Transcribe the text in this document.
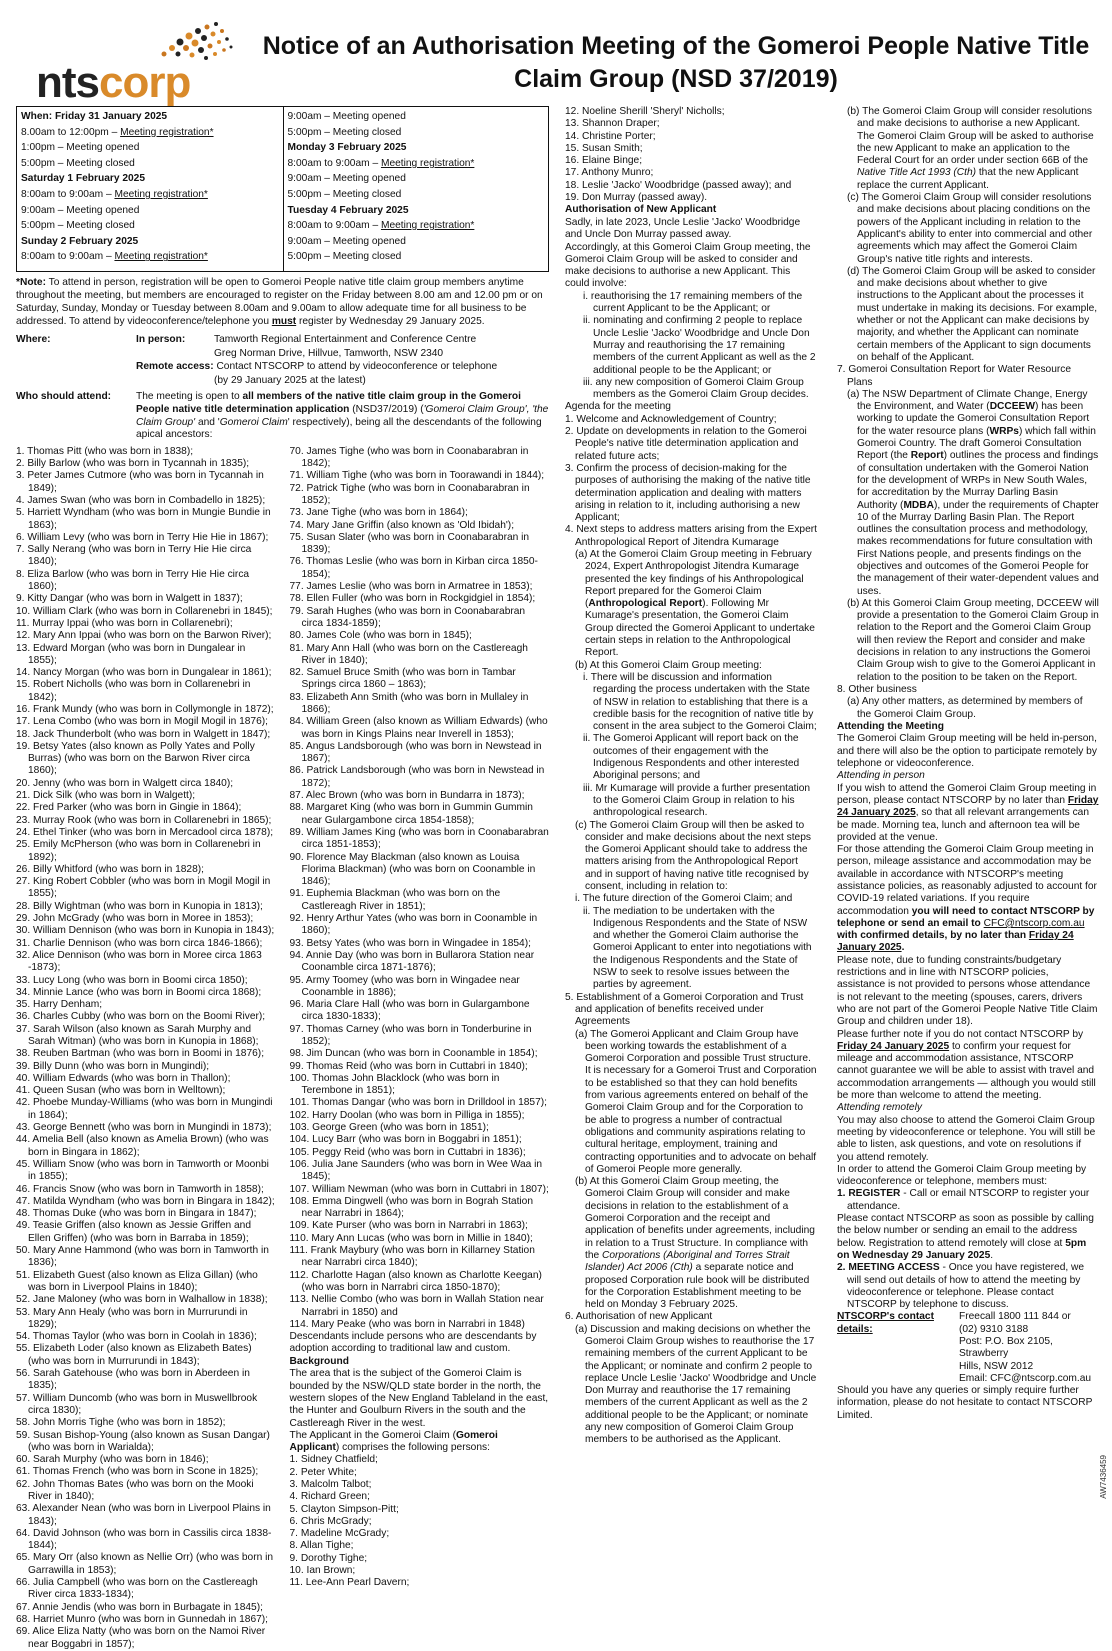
ntscorp
Notice of an Authorisation Meeting of the Gomeroi People Native Title Claim Group (NSD 37/2019)
When: Friday 31 January 2025
8.00am to 12:00pm – Meeting registration*
1:00pm – Meeting opened
5:00pm – Meeting closed
Saturday 1 February 2025
8:00am to 9:00am – Meeting registration*
9:00am – Meeting opened
5:00pm – Meeting closed
Sunday 2 February 2025
8:00am to 9:00am – Meeting registration*
9:00am – Meeting opened
5:00pm – Meeting closed
Monday 3 February 2025
8:00am to 9:00am – Meeting registration*
9:00am – Meeting opened
5:00pm – Meeting closed
Tuesday 4 February 2025
8:00am to 9:00am – Meeting registration*
9:00am – Meeting opened
5:00pm – Meeting closed
*Note: To attend in person, registration will be open to Gomeroi People native title claim group members anytime throughout the meeting, but members are encouraged to register on the Friday between 8.00 am and 12.00 pm or on Saturday, Sunday, Monday or Tuesday between 8.00am and 9.00am to allow adequate time for all business to be addressed. To attend by videoconference/telephone you must register by Wednesday 29 January 2025.
Where:	In person:	Tamworth Regional Entertainment and Conference Centre
Greg Norman Drive, Hillvue, Tamworth, NSW 2340
Remote access: Contact NTSCORP to attend by videoconference or telephone
(by 29 January 2025 at the latest)
Who should attend:	The meeting is open to all members of the native title claim group in the Gomeroi People native title determination application (NSD37/2019) ('Gomeroi Claim Group', 'the Claim Group' and 'Gomeroi Claim' respectively), being all the descendants of the following apical ancestors:
1. Thomas Pitt (who was born in 1838);
2. Billy Barlow (who was born in Tycannah in 1835);
3. Peter James Cutmore (who was born in Tycannah in 1849);
4. James Swan (who was born in Combadello in 1825);
5. Harriett Wyndham (who was born in Mungie Bundie in 1863);
6. William Levy (who was born in Terry Hie Hie in 1867);
7. Sally Nerang (who was born in Terry Hie Hie circa 1840);
8. Eliza Barlow (who was born in Terry Hie Hie circa 1860);
9. Kitty Dangar (who was born in Walgett in 1837);
10. William Clark (who was born in Collarenebri in 1845);
11. Murray Ippai (who was born in Collarenebri);
12. Mary Ann Ippai (who was born on the Barwon River);
13. Edward Morgan (who was born in Dungalear in 1855);
14. Nancy Morgan (who was born in Dungalear in 1861);
15. Robert Nicholls (who was born in Collarenebri in 1842);
16. Frank Mundy (who was born in Collymongle in 1872);
17. Lena Combo (who was born in Mogil Mogil in 1876);
18. Jack Thunderbolt (who was born in Walgett in 1847);
19. Betsy Yates (also known as Polly Yates and Polly Burras) (who was born on the Barwon River circa 1860);
20. Jenny (who was born in Walgett circa 1840);
21. Dick Silk (who was born in Walgett);
22. Fred Parker (who was born in Gingie in 1864);
23. Murray Rook (who was born in Collarenebri in 1865);
24. Ethel Tinker (who was born in Mercadool circa 1878);
25. Emily McPherson (who was born in Collarenebri in 1892);
26. Billy Whitford (who was born in 1828);
27. King Robert Cobbler (who was born in Mogil Mogil in 1855);
28. Billy Wightman (who was born in Kunopia in 1813);
29. John McGrady (who was born in Moree in 1853);
30. William Dennison (who was born in Kunopia in 1843);
31. Charlie Dennison (who was born circa 1846-1866);
32. Alice Dennison (who was born in Moree circa 1863 -1873);
33. Lucy Long (who was born in Boomi circa 1850);
34. Minnie Lance (who was born in Boomi circa 1868);
35. Harry Denham;
36. Charles Cubby (who was born on the Boomi River);
37. Sarah Wilson (also known as Sarah Murphy and Sarah Witman) (who was born in Kunopia in 1868);
38. Reuben Bartman (who was born in Boomi in 1876);
39. Billy Dunn (who was born in Mungindi);
40. William Edwards (who was born in Thallon);
41. Queen Susan (who was born in Welltown);
42. Phoebe Munday-Williams (who was born in Mungindi in 1864);
43. George Bennett (who was born in Mungindi in 1873);
44. Amelia Bell (also known as Amelia Brown) (who was born in Bingara in 1862);
45. William Snow (who was born in Tamworth or Moonbi in 1855);
46. Francis Snow (who was born in Tamworth in 1858);
47. Matilda Wyndham (who was born in Bingara in 1842);
48. Thomas Duke (who was born in Bingara in 1847);
49. Teasie Griffen (also known as Jessie Griffen and Ellen Griffen) (who was born in Barraba in 1859);
50. Mary Anne Hammond (who was born in Tamworth in 1836);
51. Elizabeth Guest (also known as Eliza Gillan) (who was born in Liverpool Plains in 1840);
52. Jane Maloney (who was born in Walhallow in 1838);
53. Mary Ann Healy (who was born in Murrurundi in 1829);
54. Thomas Taylor (who was born in Coolah in 1836);
55. Elizabeth Loder (also known as Elizabeth Bates) (who was born in Murrurundi in 1843);
56. Sarah Gatehouse (who was born in Aberdeen in 1835);
57. William Duncomb (who was born in Muswellbrook circa 1830);
58. John Morris Tighe (who was born in 1852);
59. Susan Bishop-Young (also known as Susan Dangar) (who was born in Warialda);
60. Sarah Murphy (who was born in 1846);
61. Thomas French (who was born in Scone in 1825);
62. John Thomas Bates (who was born on the Mooki River in 1840);
63. Alexander Nean (who was born in Liverpool Plains in 1843);
64. David Johnson (who was born in Cassilis circa 1838-1844);
65. Mary Orr (also known as Nellie Orr) (who was born in Garrawilla in 1853);
66. Julia Campbell (who was born on the Castlereagh River circa 1833-1834);
67. Annie Jendis (who was born in Burbagate in 1845);
68. Harriet Munro (who was born in Gunnedah in 1867);
69. Alice Eliza Natty (who was born on the Namoi River near Boggabri in 1857);
70. James Tighe (who was born in Coonabarabran in 1842);
71. William Tighe (who was born in Toorawandi in 1844);
72. Patrick Tighe (who was born in Coonabarabran in 1852);
73. Jane Tighe (who was born in 1864);
74. Mary Jane Griffin (also known as 'Old Ibidah');
75. Susan Slater (who was born in Coonabarabran in 1839);
76. Thomas Leslie (who was born in Kirban circa 1850-1854);
77. James Leslie (who was born in Armatree in 1853);
78. Ellen Fuller (who was born in Rockgidgiel in 1854);
79. Sarah Hughes (who was born in Coonabarabran circa 1834-1859);
80. James Cole (who was born in 1845);
81. Mary Ann Hall (who was born on the Castlereagh River in 1840);
82. Samuel Bruce Smith (who was born in Tambar Springs circa 1860 – 1863);
83. Elizabeth Ann Smith (who was born in Mullaley in 1866);
84. William Green (also known as William Edwards) (who was born in Kings Plains near Inverell in 1853);
85. Angus Landsborough (who was born in Newstead in 1867);
86. Patrick Landsborough (who was born in Newstead in 1872);
87. Alec Brown (who was born in Bundarra in 1873);
88. Margaret King (who was born in Gummin Gummin near Gulargambone circa 1854-1858);
89. William James King (who was born in Coonabarabran circa 1851-1853);
90. Florence May Blackman (also known as Louisa Florima Blackman) (who was born on Coonamble in 1846);
91. Euphemia Blackman (who was born on the Castlereagh River in 1851);
92. Henry Arthur Yates (who was born in Coonamble in 1860);
93. Betsy Yates (who was born in Wingadee in 1854);
94. Annie Day (who was born in Bullarora Station near Coonamble circa 1871-1876);
95. Army Toomey (who was born in Wingadee near Coonamble in 1886);
96. Maria Clare Hall (who was born in Gulargambone circa 1830-1833);
97. Thomas Carney (who was born in Tonderburine in 1852);
98. Jim Duncan (who was born in Coonamble in 1854);
99. Thomas Reid (who was born in Cuttabri in 1840);
100. Thomas John Blacklock (who was born in Terembone in 1851);
101. Thomas Dangar (who was born in Drilldool in 1857);
102. Harry Doolan (who was born in Pilliga in 1855);
103. George Green (who was born in 1851);
104. Lucy Barr (who was born in Boggabri in 1851);
105. Peggy Reid (who was born in Cuttabri in 1836);
106. Julia Jane Saunders (who was born in Wee Waa in 1845);
107. William Newman (who was born in Cuttabri in 1807);
108. Emma Dingwell (who was born in Bograh Station near Narrabri in 1864);
109. Kate Purser (who was born in Narrabri in 1863);
110. Mary Ann Lucas (who was born in Millie in 1840);
111. Frank Maybury (who was born in Killarney Station near Narrabri circa 1840);
112. Charlotte Hagan (also known as Charlotte Keegan) (who was born in Narrabri circa 1850-1870);
113. Nellie Combo (who was born in Wallah Station near Narrabri in 1850) and
114. Mary Peake (who was born in Narrabri in 1848)
Descendants include persons who are descendants by adoption according to traditional law and custom.
Background
The area that is the subject of the Gomeroi Claim is bounded by the NSW/QLD state border in the north, the western slopes of the New England Tableland in the east, the Hunter and Goulburn Rivers in the south and the Castlereagh River in the west.
The Applicant in the Gomeroi Claim (Gomeroi Applicant) comprises the following persons:
1. Sidney Chatfield;
2. Peter White;
3. Malcolm Talbot;
4. Richard Green;
5. Clayton Simpson-Pitt;
6. Chris McGrady;
7. Madeline McGrady;
8. Allan Tighe;
9. Dorothy Tighe;
10. Ian Brown;
11. Lee-Ann Pearl Davern;
12. Noeline Sherill 'Sheryl' Nicholls;
13. Shannon Draper;
14. Christine Porter;
15. Susan Smith;
16. Elaine Binge;
17. Anthony Munro;
18. Leslie 'Jacko' Woodbridge (passed away); and
19. Don Murray (passed away).
Authorisation of New Applicant
Sadly, in late 2023, Uncle Leslie 'Jacko' Woodbridge and Uncle Don Murray passed away.
Accordingly, at this Gomeroi Claim Group meeting, the Gomeroi Claim Group will be asked to consider and make decisions to authorise a new Applicant. This could involve:
i. reauthorising the 17 remaining members of the current Applicant to be the Applicant; or
ii. nominating and confirming 2 people to replace Uncle Leslie 'Jacko' Woodbridge and Uncle Don Murray and reauthorising the 17 remaining members of the current Applicant as well as the 2 additional people to be the Applicant; or
iii. any new composition of Gomeroi Claim Group members as the Gomeroi Claim Group decides.
Agenda for the meeting
1. Welcome and Acknowledgement of Country;
2. Update on developments in relation to the Gomeroi People's native title determination application and related future acts;
3. Confirm the process of decision-making for the purposes of authorising the making of the native title determination application and dealing with matters arising in relation to it, including authorising a new Applicant;
4. Next steps to address matters arising from the Expert Anthropological Report of Jitendra Kumarage
(a) At the Gomeroi Claim Group meeting in February 2024, Expert Anthropologist Jitendra Kumarage presented the key findings of his Anthropological Report prepared for the Gomeroi Claim (Anthropological Report). Following Mr Kumarage's presentation, the Gomeroi Claim Group directed the Gomeroi Applicant to undertake certain steps in relation to the Anthropological Report.
(b) At this Gomeroi Claim Group meeting:
i. There will be discussion and information regarding the process undertaken with the State of NSW in relation to establishing that there is a credible basis for the recognition of native title by consent in the area subject to the Gomeroi Claim;
ii. The Gomeroi Applicant will report back on the outcomes of their engagement with the Indigenous Respondents and other interested Aboriginal persons; and
iii. Mr Kumarage will provide a further presentation to the Gomeroi Claim Group in relation to his anthropological research.
(c) The Gomeroi Claim Group will then be asked to consider and make decisions about the next steps the Gomeroi Applicant should take to address the matters arising from the Anthropological Report and in support of having native title recognised by consent, including in relation to:
i. The future direction of the Gomeroi Claim; and
ii. The mediation to be undertaken with the Indigenous Respondents and the State of NSW and whether the Gomeroi Claim authorise the Gomeroi Applicant to enter into negotiations with the Indigenous Respondents and the State of NSW to seek to resolve issues between the parties by agreement.
5. Establishment of a Gomeroi Corporation and Trust and application of benefits received under Agreements
(a) The Gomeroi Applicant and Claim Group have been working towards the establishment of a Gomeroi Corporation and possible Trust structure. It is necessary for a Gomeroi Trust and Corporation to be established so that they can hold benefits from various agreements entered on behalf of the Gomeroi Claim Group and for the Corporation to be able to progress a number of contractual obligations and community aspirations relating to cultural heritage, employment, training and contracting opportunities and to advocate on behalf of Gomeroi People more generally.
(b) At this Gomeroi Claim Group meeting, the Gomeroi Claim Group will consider and make decisions in relation to the establishment of a Gomeroi Corporation and the receipt and application of benefits under agreements, including in relation to a Trust Structure. In compliance with the Corporations (Aboriginal and Torres Strait Islander) Act 2006 (Cth) a separate notice and proposed Corporation rule book will be distributed for the Corporation Establishment meeting to be held on Monday 3 February 2025.
6. Authorisation of new Applicant
(a) Discussion and making decisions on whether the Gomeroi Claim Group wishes to reauthorise the 17 remaining members of the current Applicant to be the Applicant; or nominate and confirm 2 people to replace Uncle Leslie 'Jacko' Woodbridge and Uncle Don Murray and reauthorise the 17 remaining members of the current Applicant as well as the 2 additional people to be the Applicant; or nominate any new composition of Gomeroi Claim Group members to be authorised as the Applicant.
(b) The Gomeroi Claim Group will consider resolutions and make decisions to authorise a new Applicant. The Gomeroi Claim Group will be asked to authorise the new Applicant to make an application to the Federal Court for an order under section 66B of the Native Title Act 1993 (Cth) that the new Applicant replace the current Applicant.
(c) The Gomeroi Claim Group will consider resolutions and make decisions about placing conditions on the powers of the Applicant including in relation to the Applicant's ability to enter into commercial and other agreements which may affect the Gomeroi Claim Group's native title rights and interests.
(d) The Gomeroi Claim Group will be asked to consider and make decisions about whether to give instructions to the Applicant about the processes it must undertake in making its decisions. For example, whether or not the Applicant can make decisions by majority, and whether the Applicant can nominate certain members of the Applicant to sign documents on behalf of the Applicant.
7. Gomeroi Consultation Report for Water Resource Plans
(a) The NSW Department of Climate Change, Energy the Environment, and Water (DCCEEW) has been working to update the Gomeroi Consultation Report for the water resource plans (WRPs) which fall within Gomeroi Country. The draft Gomeroi Consultation Report (the Report) outlines the process and findings of consultation undertaken with the Gomeroi Nation for the development of WRPs in New South Wales, for accreditation by the Murray Darling Basin Authority (MDBA), under the requirements of Chapter 10 of the Murray Darling Basin Plan. The Report outlines the consultation process and methodology, makes recommendations for future consultation with First Nations people, and presents findings on the objectives and outcomes of the Gomeroi People for the management of their water-dependent values and uses.
(b) At this Gomeroi Claim Group meeting, DCCEEW will provide a presentation to the Gomeroi Claim Group in relation to the Report and the Gomeroi Claim Group will then review the Report and consider and make decisions in relation to any instructions the Gomeroi Claim Group wish to give to the Gomeroi Applicant in relation to the position to be taken on the Report.
8. Other business
(a) Any other matters, as determined by members of the Gomeroi Claim Group.
Attending the Meeting
The Gomeroi Claim Group meeting will be held in-person, and there will also be the option to participate remotely by telephone or videoconference.
Attending in person
If you wish to attend the Gomeroi Claim Group meeting in person, please contact NTSCORP by no later than Friday 24 January 2025, so that all relevant arrangements can be made. Morning tea, lunch and afternoon tea will be provided at the venue.
For those attending the Gomeroi Claim Group meeting in person, mileage assistance and accommodation may be available in accordance with NTSCORP's meeting assistance policies, as reasonably adjusted to account for COVID-19 related variations. If you require accommodation you will need to contact NTSCORP by telephone or send an email to CFC@ntscorp.com.au with confirmed details, by no later than Friday 24 January 2025.
Please note, due to funding constraints/budgetary restrictions and in line with NTSCORP policies, assistance is not provided to persons whose attendance is not relevant to the meeting (spouses, carers, drivers who are not part of the Gomeroi People Native Title Claim Group and children under 18).
Please further note if you do not contact NTSCORP by Friday 24 January 2025 to confirm your request for mileage and accommodation assistance, NTSCORP cannot guarantee we will be able to assist with travel and accommodation arrangements — although you would still be more than welcome to attend the meeting.
Attending remotely
You may also choose to attend the Gomeroi Claim Group meeting by videoconference or telephone. You will still be able to listen, ask questions, and vote on resolutions if you attend remotely.
In order to attend the Gomeroi Claim Group meeting by videoconference or telephone, members must:
1. REGISTER - Call or email NTSCORP to register your attendance.
Please contact NTSCORP as soon as possible by calling the below number or sending an email to the address below. Registration to attend remotely will close at 5pm on Wednesday 29 January 2025.
2. MEETING ACCESS - Once you have registered, we will send out details of how to attend the meeting by videoconference or telephone. Please contact NTSCORP by telephone to discuss.
NTSCORP's contact details:
Freecall 1800 111 844 or
(02) 9310 3188
Post: P.O. Box 2105, Strawberry
Hills, NSW 2012
Email: CFC@ntscorp.com.au
Should you have any queries or simply require further information, please do not hesitate to contact NTSCORP Limited.
AW7436459
